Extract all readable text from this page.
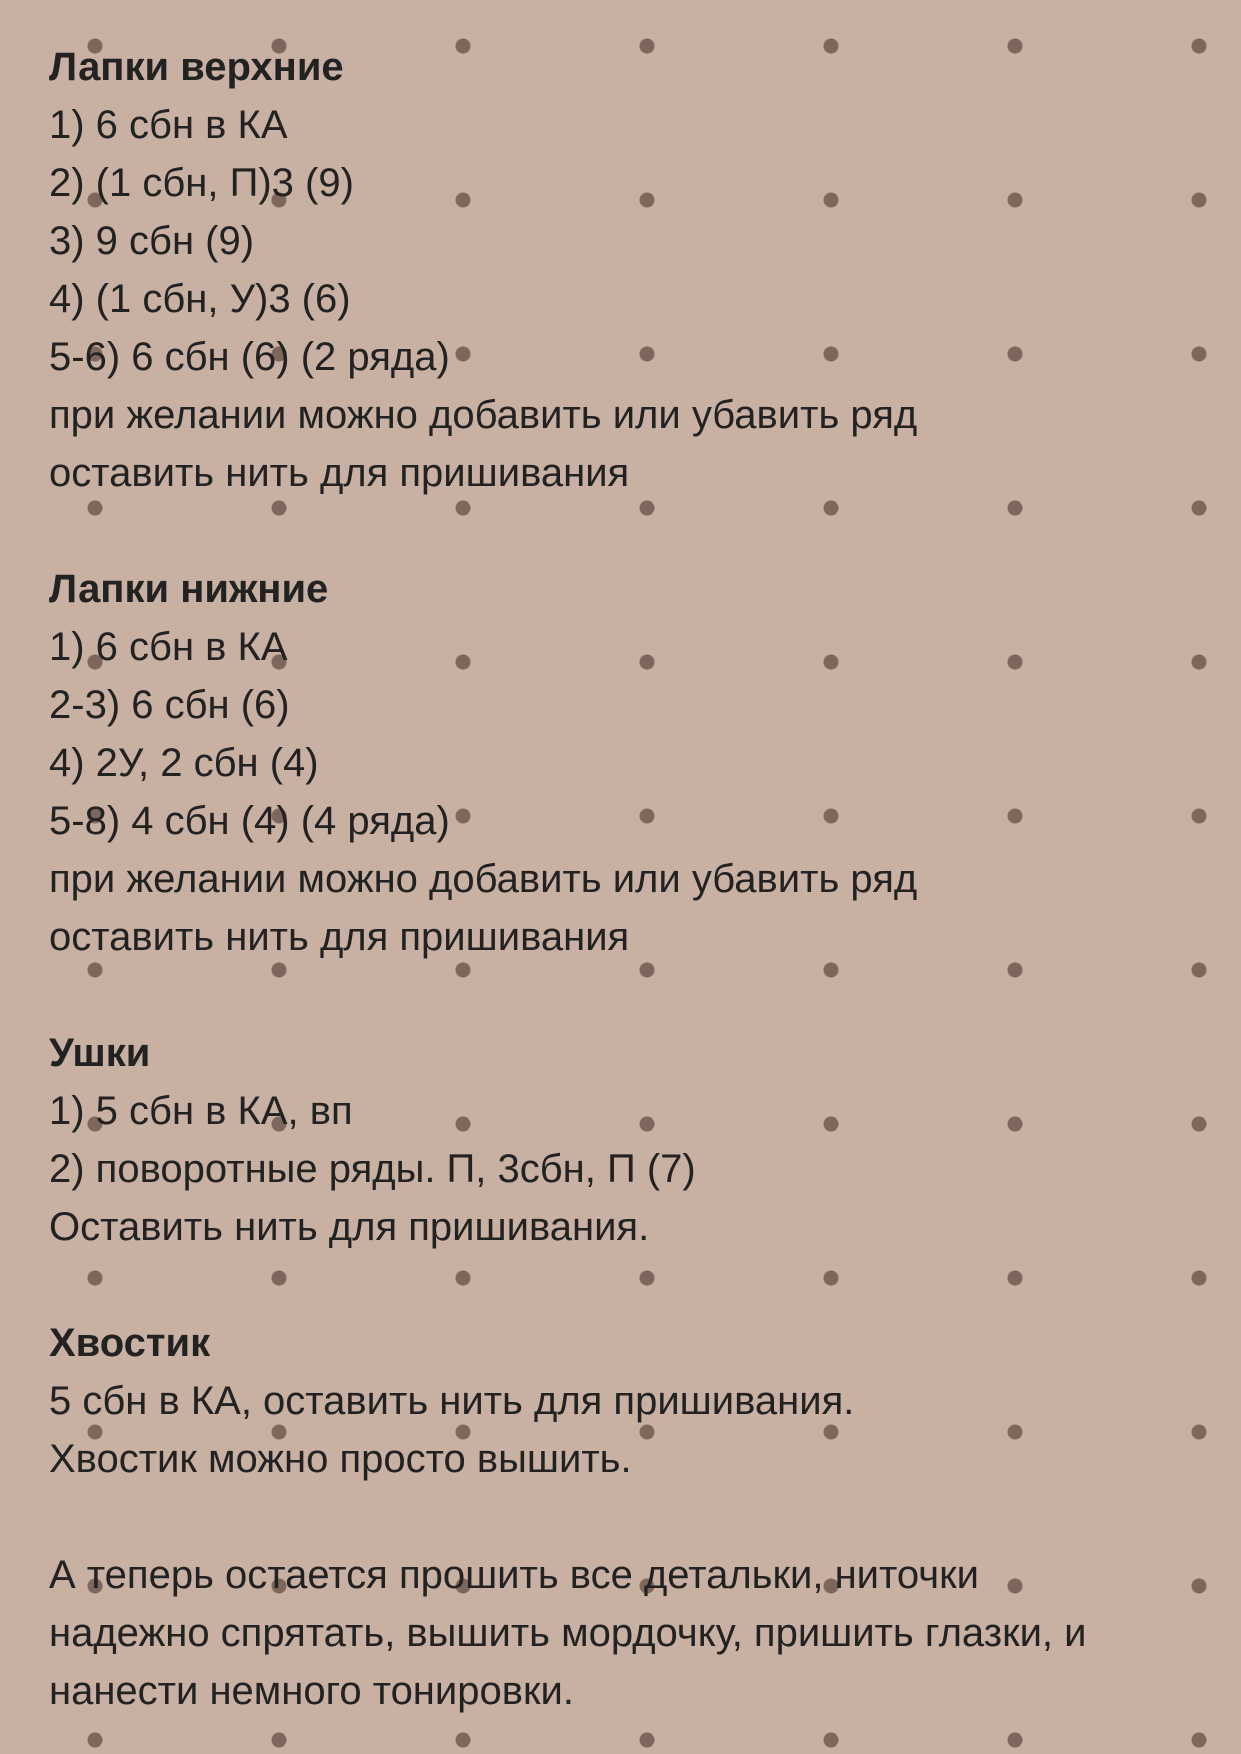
Лапки верхние
1) 6 сбн в КА
2) (1 сбн, П)3 (9)
3) 9 сбн (9)
4) (1 сбн, У)3 (6)
5-6) 6 сбн (6) (2 ряда)
при желании можно добавить или убавить ряд
оставить нить для пришивания
Лапки нижние
1) 6 сбн в КА
2-3) 6 сбн (6)
4) 2У, 2 сбн (4)
5-8) 4 сбн (4) (4 ряда)
при желании можно добавить или убавить ряд
оставить нить для пришивания
Ушки
1) 5 сбн в КА, вп
2) поворотные ряды. П, 3сбн, П (7)
Оставить нить для пришивания.
Хвостик
5 сбн в КА, оставить нить для пришивания.
Хвостик можно просто вышить.
А теперь остается прошить все детальки, ниточки
надежно спрятать, вышить мордочку, пришить глазки, и
нанести немного тонировки.
